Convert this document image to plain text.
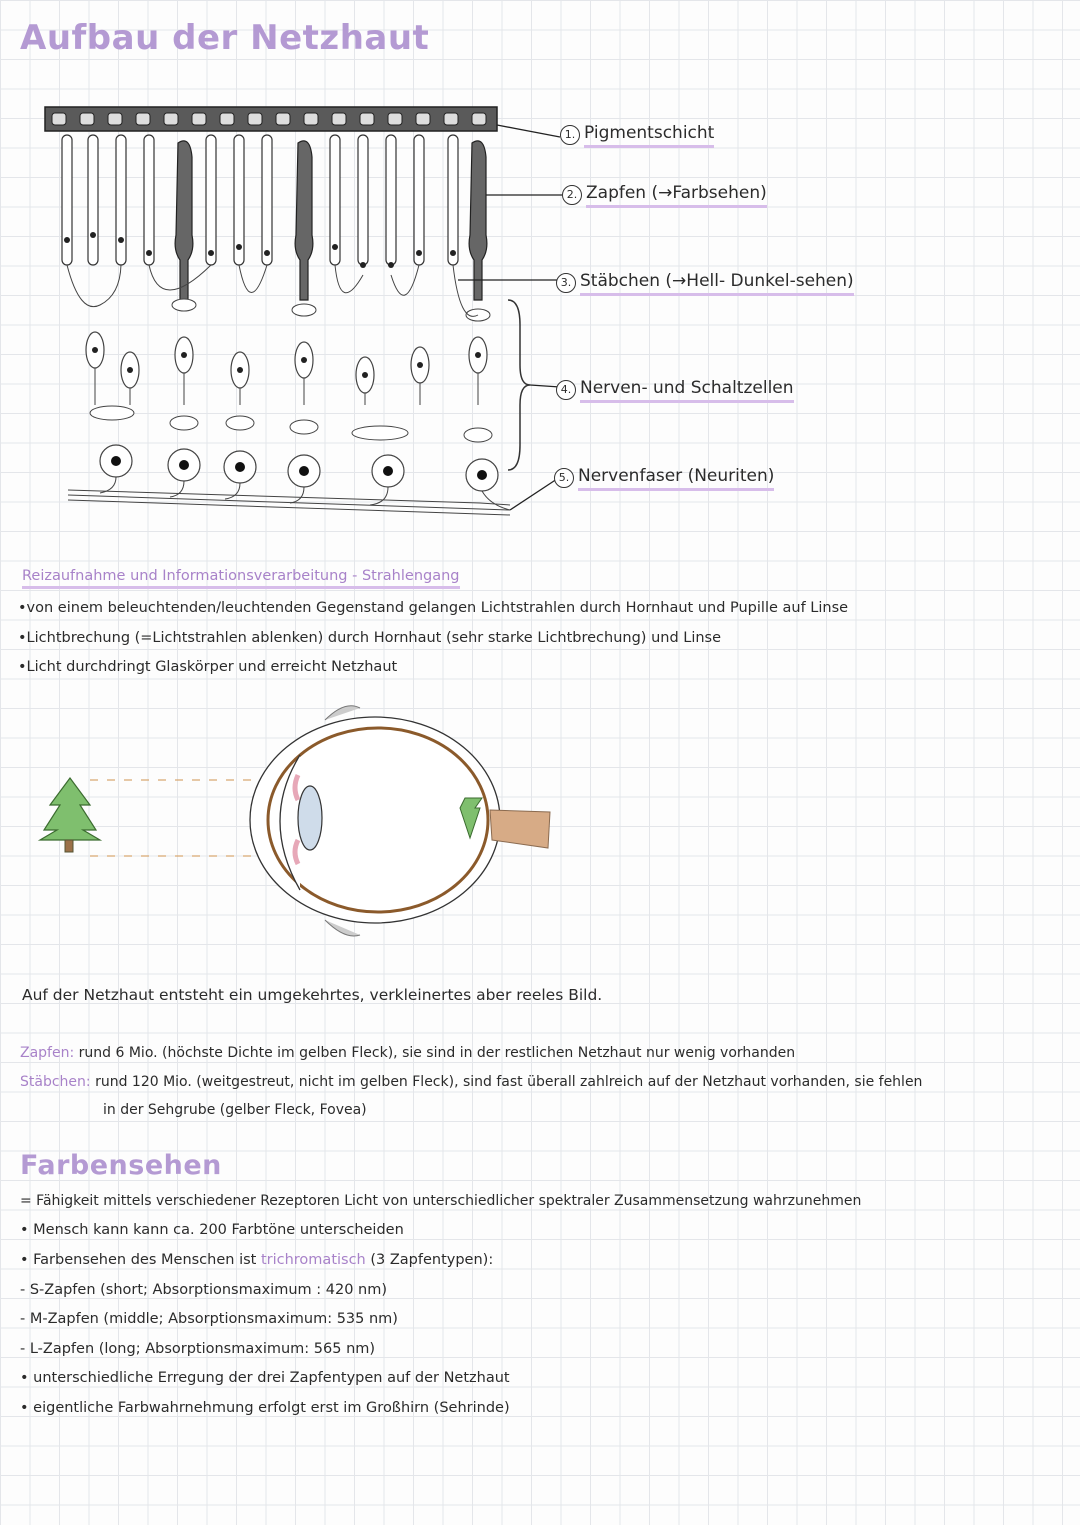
Aufbau der Netzhaut
1. Pigmentschicht
2. Zapfen (→Farbsehen)
3. Stäbchen (→Hell- Dunkel-sehen)
4. Nerven- und Schaltzellen
5. Nervenfaser (Neuriten)
Reizaufnahme und Informationsverarbeitung - Strahlengang
•von einem beleuchtenden/leuchtenden Gegenstand gelangen Lichtstrahlen durch Hornhaut und Pupille auf Linse
•Lichtbrechung (=Lichtstrahlen ablenken) durch Hornhaut (sehr starke Lichtbrechung) und Linse
•Licht durchdringt Glaskörper und erreicht Netzhaut
Auf der Netzhaut entsteht ein umgekehrtes, verkleinertes aber reeles Bild.
Zapfen: rund 6 Mio. (höchste Dichte im gelben Fleck), sie sind in der restlichen Netzhaut nur wenig vorhanden
Stäbchen: rund 120 Mio. (weitgestreut, nicht im gelben Fleck), sind fast überall zahlreich auf der Netzhaut vorhanden, sie fehlen
in der Sehgrube (gelber Fleck, Fovea)
Farbensehen
= Fähigkeit mittels verschiedener Rezeptoren Licht von unterschiedlicher spektraler Zusammensetzung wahrzunehmen
• Mensch kann kann ca. 200 Farbtöne unterscheiden
• Farbensehen des Menschen ist trichromatisch (3 Zapfentypen):
- S-Zapfen (short; Absorptionsmaximum : 420 nm)
- M-Zapfen (middle; Absorptionsmaximum: 535 nm)
- L-Zapfen (long; Absorptionsmaximum: 565 nm)
• unterschiedliche Erregung der drei Zapfentypen auf der Netzhaut
• eigentliche Farbwahrnehmung erfolgt erst im Großhirn (Sehrinde)
